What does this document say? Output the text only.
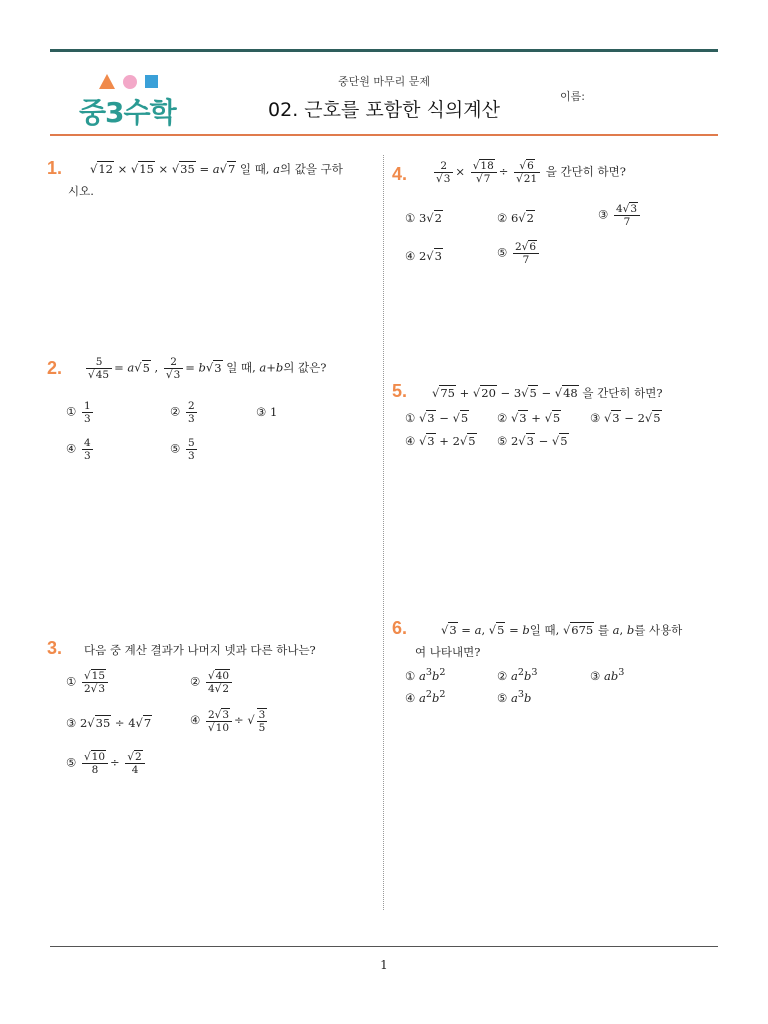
중3수학
중단원 마무리 문제
02. 근호를 포함한 식의계산
이름:
1.	√12 × √15 × √35 = a√7 일 때, a의 값을 구하
시오.
2. $\frac{5}{√45} = a√5$ , $\frac{2}{√3} = b√3$ 일 때, a+b의 값은?
① $\frac{1}{3}$	② $\frac{2}{3}$	③ 1
④ $\frac{4}{3}$	⑤ $\frac{5}{3}$
3. 다음 중 계산 결과가 나머지 넷과 다른 하나는?
① $\frac{√15}{2√3}$	② $\frac{√40}{4√2}$
③ 2√35 ÷ 4√7	④ $\frac{2√3}{√10}$ ÷ √ $\frac{3}{5}$
⑤ $\frac{√10}{8} \div \frac{√2}{4}$
4.	$\frac{2}{√3} \times \frac{√18}{√7} \div \frac{√6}{√21}$ 을 간단히 하면?
① 3√2	② 6√2	③ $\frac{4√3}{7}$
④ 2√3	⑤ $\frac{2√6}{7}$
5. √75 + √20 − 3√5 − √48 을 간단히 하면?
① √3 − √5	② √3 + √5	③ √3 − 2√5
④ √3 + 2√5 ⑤ 2√3 − √5
6.	√3 = a, √5 = b일 때, √675 를 a, b를 사용하
여 나타내면?
① $a^3b^2$	② $a^2b^3$	③ $ab^3$
④ $a^2b^2$	⑤ $a^3b$
1
